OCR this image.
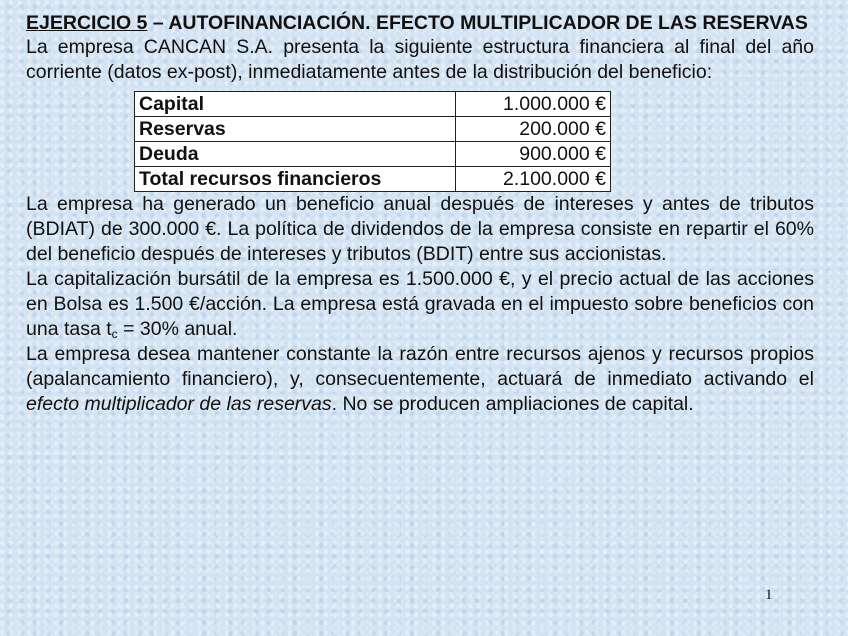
EJERCICIO 5 – AUTOFINANCIACIÓN. EFECTO MULTIPLICADOR DE LAS RESERVAS

La empresa CANCAN S.A. presenta la siguiente estructura financiera al final del año corriente (datos ex-post), inmediatamente antes de la distribución del beneficio:

Capital	1.000.000 €
Reservas	200.000 €
Deuda	900.000 €
Total recursos financieros	2.100.000 €

La empresa ha generado un beneficio anual después de intereses y antes de tributos (BDIAT) de 300.000 €. La política de dividendos de la empresa consiste en repartir el 60% del beneficio después de intereses y tributos (BDIT) entre sus accionistas.

La capitalización bursátil de la empresa es 1.500.000 €, y el precio actual de las acciones en Bolsa es 1.500 €/acción. La empresa está gravada en el impuesto sobre beneficios con una tasa $t_c = 30\%$ anual.

La empresa desea mantener constante la razón entre recursos ajenos y recursos propios (apalancamiento financiero), y, consecuentemente, actuará de inmediato activando el efecto multiplicador de las reservas. No se producen ampliaciones de capital.

1
